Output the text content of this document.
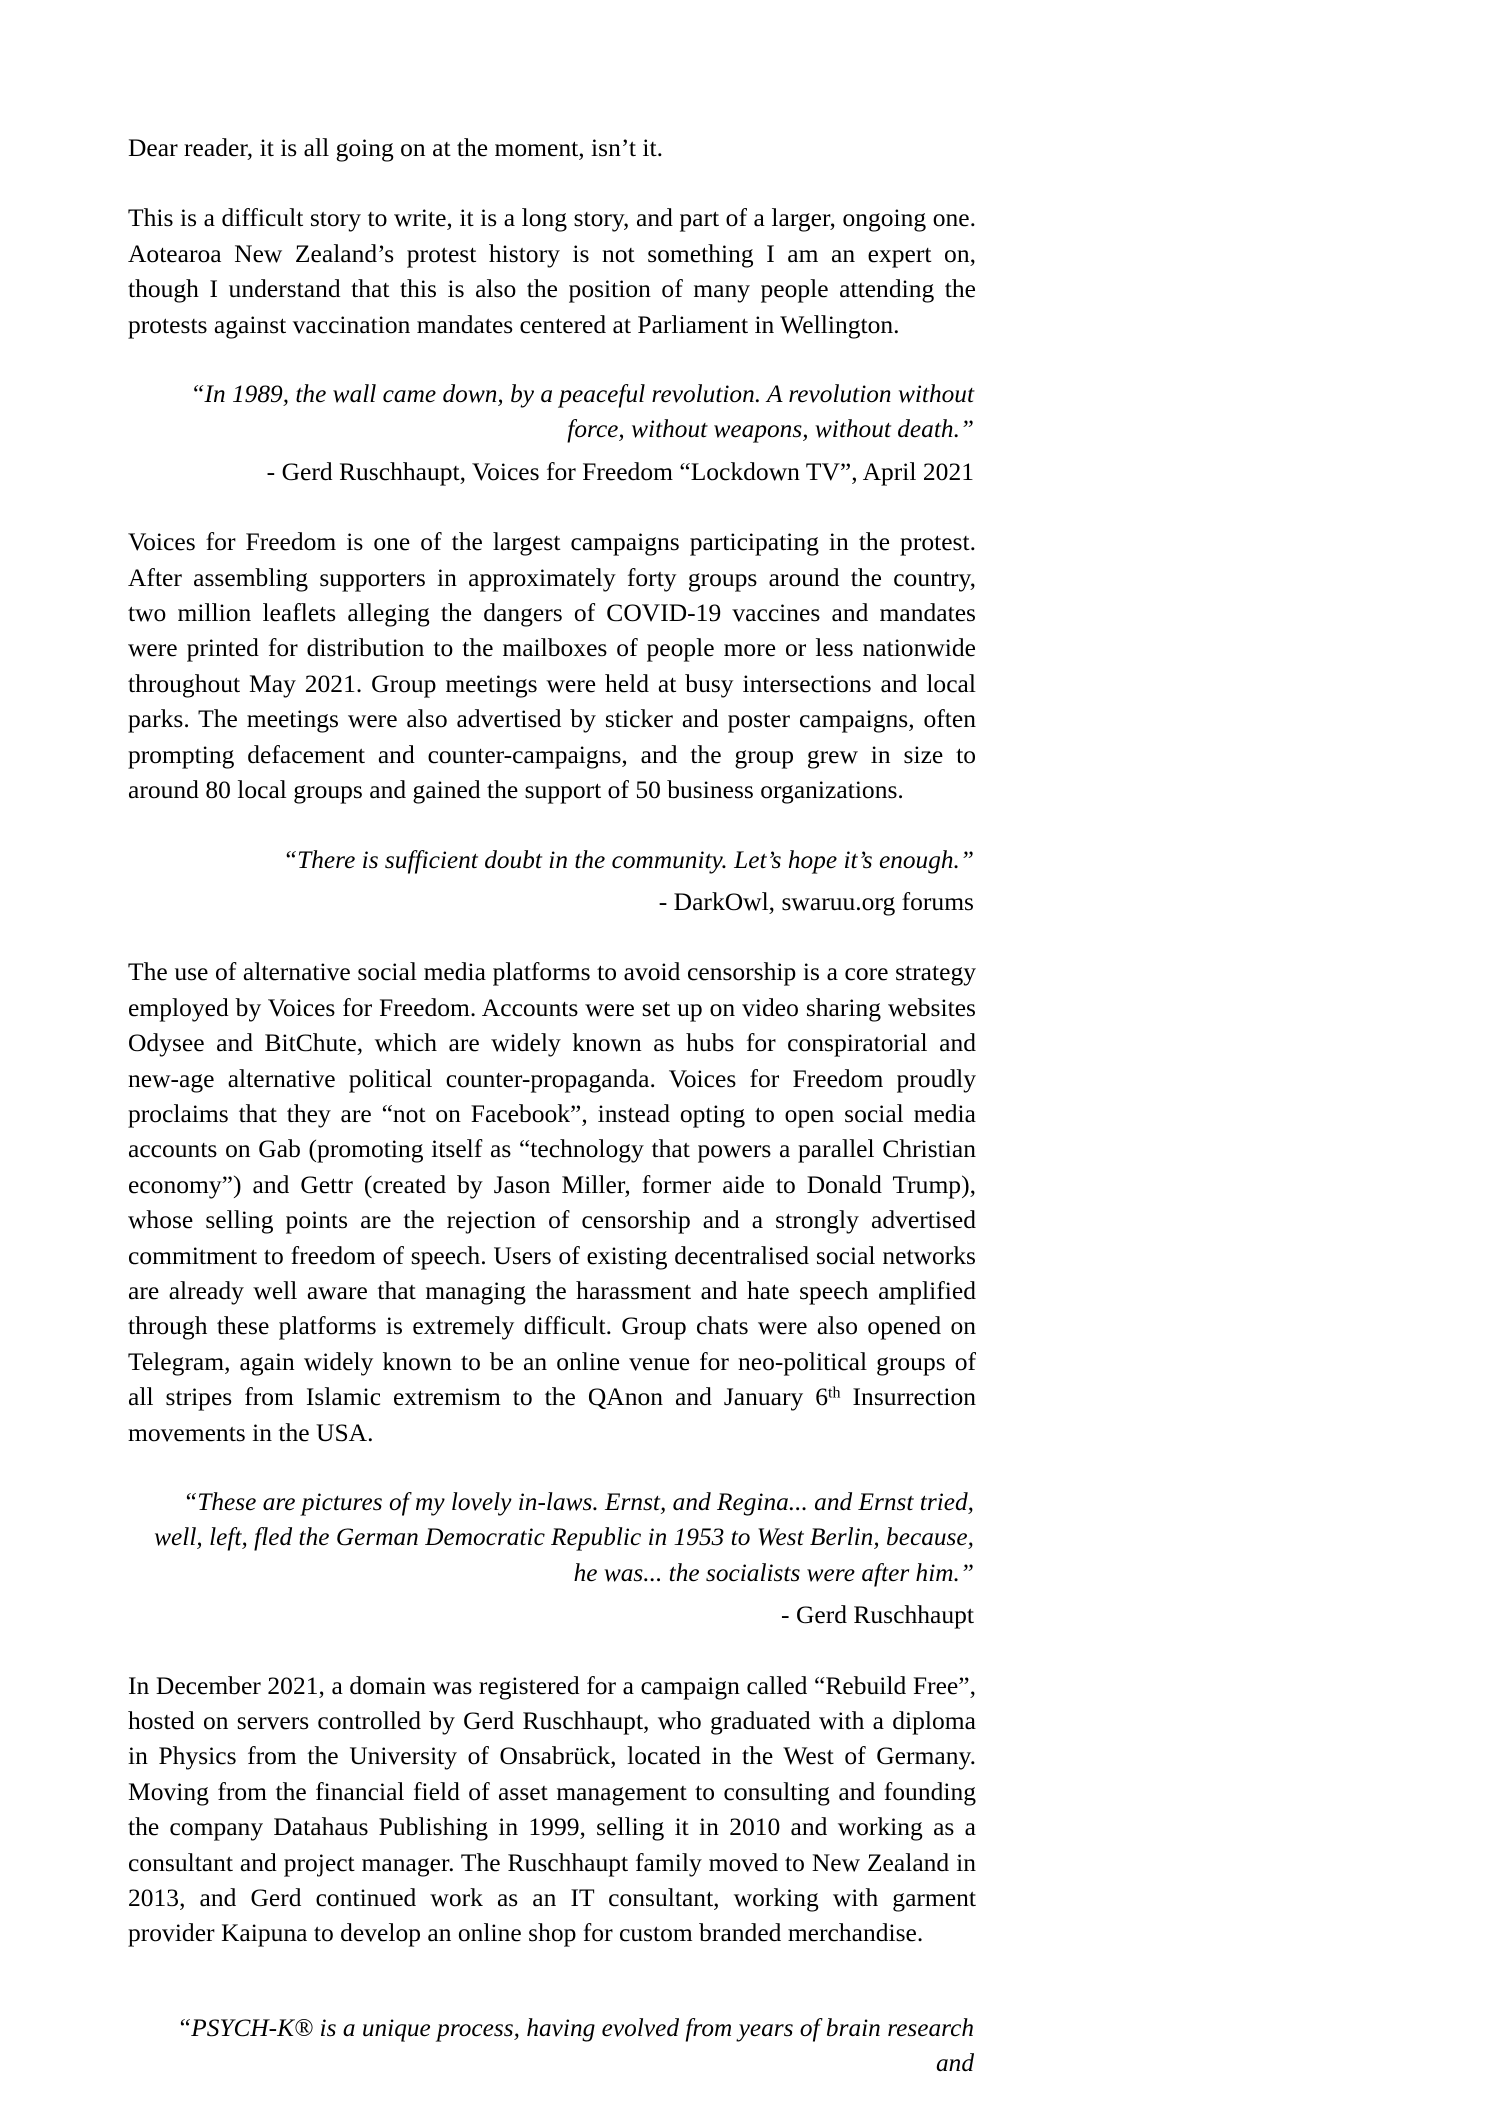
Dear reader, it is all going on at the moment, isn’t it.

This is a difficult story to write, it is a long story, and part of a larger, ongoing one. Aotearoa New Zealand’s protest history is not something I am an expert on, though I understand that this is also the position of many people attending the protests against vaccination mandates centered at Parliament in Wellington.

“In 1989, the wall came down, by a peaceful revolution. A revolution without force, without weapons, without death.”

- Gerd Ruschhaupt, Voices for Freedom “Lockdown TV”, April 2021

Voices for Freedom is one of the largest campaigns participating in the protest. After assembling supporters in approximately forty groups around the country, two million leaflets alleging the dangers of COVID-19 vaccines and mandates were printed for distribution to the mailboxes of people more or less nationwide throughout May 2021. Group meetings were held at busy intersections and local parks. The meetings were also advertised by sticker and poster campaigns, often prompting defacement and counter-campaigns, and the group grew in size to around 80 local groups and gained the support of 50 business organizations.

“There is sufficient doubt in the community. Let’s hope it’s enough.”

- DarkOwl, swaruu.org forums

The use of alternative social media platforms to avoid censorship is a core strategy employed by Voices for Freedom. Accounts were set up on video sharing websites Odysee and BitChute, which are widely known as hubs for conspiratorial and new-age alternative political counter-propaganda. Voices for Freedom proudly proclaims that they are “not on Facebook”, instead opting to open social media accounts on Gab (promoting itself as “technology that powers a parallel Christian economy”) and Gettr (created by Jason Miller, former aide to Donald Trump), whose selling points are the rejection of censorship and a strongly advertised commitment to freedom of speech. Users of existing decentralised social networks are already well aware that managing the harassment and hate speech amplified through these platforms is extremely difficult. Group chats were also opened on Telegram, again widely known to be an online venue for neo-political groups of all stripes from Islamic extremism to the QAnon and January 6th Insurrection movements in the USA.

“These are pictures of my lovely in-laws. Ernst, and Regina... and Ernst tried, well, left, fled the German Democratic Republic in 1953 to West Berlin, because, he was... the socialists were after him.”

- Gerd Ruschhaupt

In December 2021, a domain was registered for a campaign called “Rebuild Free”, hosted on servers controlled by Gerd Ruschhaupt, who graduated with a diploma in Physics from the University of Onsabrück, located in the West of Germany. Moving from the financial field of asset management to consulting and founding the company Datahaus Publishing in 1999, selling it in 2010 and working as a consultant and project manager. The Ruschhaupt family moved to New Zealand in 2013, and Gerd continued work as an IT consultant, working with garment provider Kaipuna to develop an online shop for custom branded merchandise.

“PSYCH-K® is a unique process, having evolved from years of brain research and
